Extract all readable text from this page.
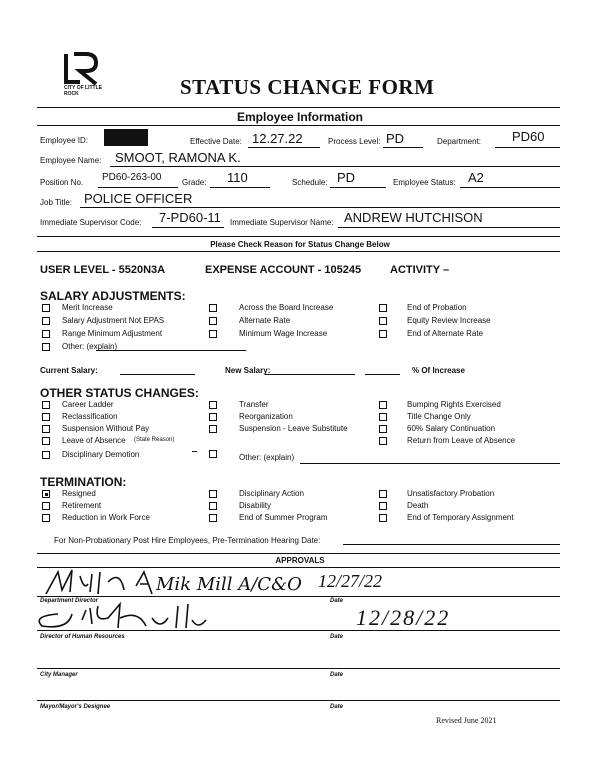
CITY OF LITTLE ROCK	STATUS CHANGE FORM
Employee Information
Employee ID:	Effective Date: 12.27.22	Process Level: PD	Department: PD60
Employee Name: SMOOT, RAMONA K.
Position No. PD60-263-00	Grade: 110	Schedule: PD	Employee Status: A2
Job Title: POLICE OFFICER
Immediate Supervisor Code: 7-PD60-11 Immediate Supervisor Name: ANDREW HUTCHISON
Please Check Reason for Status Change Below
USER LEVEL - 5520N3A	EXPENSE ACCOUNT - 105245	ACTIVITY –
SALARY ADJUSTMENTS:
Merit Increase
Salary Adjustment Not EPAS
Range Minimum Adjustment
Other: (explain)
Across the Board Increase
Alternate Rate
Minimum Wage Increase
End of Probation
Equity Review Increase
End of Alternate Rate
Current Salary:	New Salary:	% Of Increase
OTHER STATUS CHANGES:
Career Ladder
Reclassification
Suspension Without Pay
Leave of Absence (State Reason)
Disciplinary Demotion
Transfer
Reorganization
Suspension - Leave Substitute
Other: (explain)
Bumping Rights Exercised
Title Change Only
60% Salary Continuation
Return from Leave of Absence
TERMINATION:
Resigned
Retirement
Reduction in Work Force
Disciplinary Action
Disability
End of Summer Program
Unsatisfactory Probation
Death
End of Temporary Assignment
For Non-Probationary Post Hire Employees, Pre-Termination Hearing Date:
APPROVALS
Mik Mill A/C&O 12/27/22
Department Director	Date
Levi Thrill	12/28/22
Director of Human Resources	Date
City Manager	Date
Mayor/Mayor's Designee	Date
Revised June 2021
